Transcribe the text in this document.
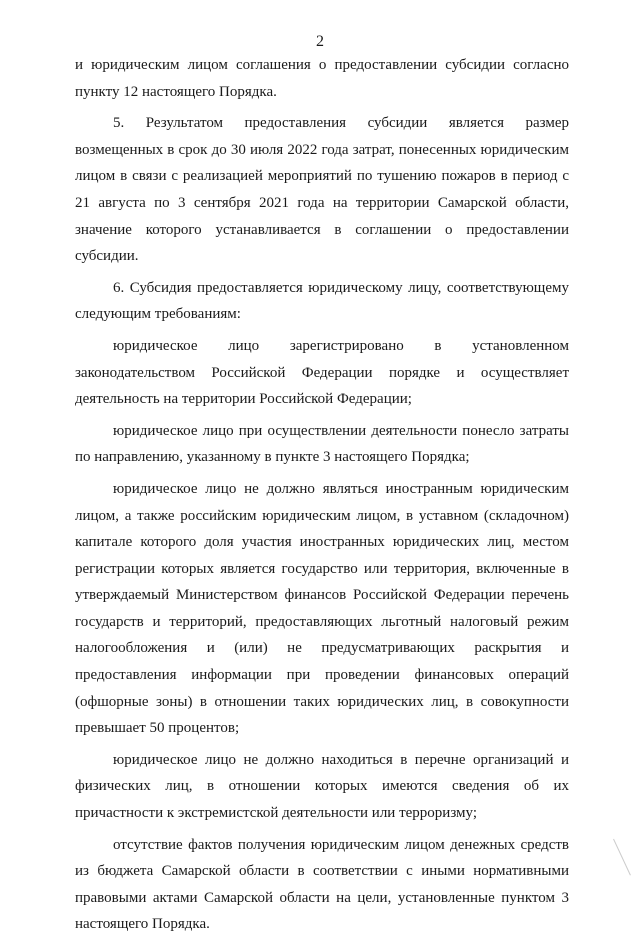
2

и юридическим лицом соглашения о предоставлении субсидии согласно пункту 12 настоящего Порядка.

5. Результатом предоставления субсидии является размер возмещенных в срок до 30 июля 2022 года затрат, понесенных юридическим лицом в связи с реализацией мероприятий по тушению пожаров в период с 21 августа по 3 сентября 2021 года на территории Самарской области, значение которого устанавливается в соглашении о предоставлении субсидии.

6. Субсидия предоставляется юридическому лицу, соответствующему следующим требованиям:

юридическое лицо зарегистрировано в установленном законодательством Российской Федерации порядке и осуществляет деятельность на территории Российской Федерации;

юридическое лицо при осуществлении деятельности понесло затраты по направлению, указанному в пункте 3 настоящего Порядка;

юридическое лицо не должно являться иностранным юридическим лицом, а также российским юридическим лицом, в уставном (складочном) капитале которого доля участия иностранных юридических лиц, местом регистрации которых является государство или территория, включенные в утверждаемый Министерством финансов Российской Федерации перечень государств и территорий, предоставляющих льготный налоговый режим налогообложения и (или) не предусматривающих раскрытия и предоставления информации при проведении финансовых операций (офшорные зоны) в отношении таких юридических лиц, в совокупности превышает 50 процентов;

юридическое лицо не должно находиться в перечне организаций и физических лиц, в отношении которых имеются сведения об их причастности к экстремистской деятельности или терроризму;

отсутствие фактов получения юридическим лицом денежных средств из бюджета Самарской области в соответствии с иными нормативными правовыми актами Самарской области на цели, установленные пунктом 3 настоящего Порядка.
